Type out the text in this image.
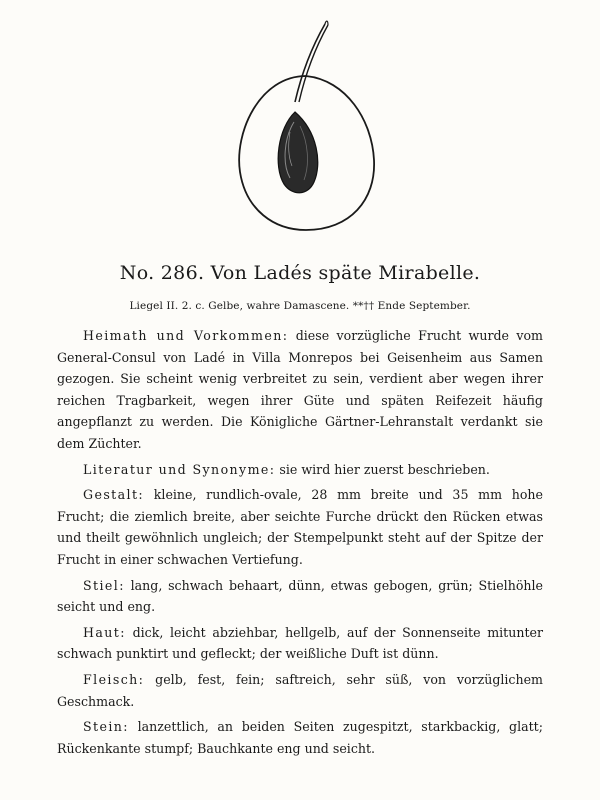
No. 286. Von Ladés späte Mirabelle.
Liegel II. 2. c. Gelbe, wahre Damascene. **†† Ende September.

Heimath und Vorkommen: diese vorzügliche Frucht wurde vom General-Consul von Ladé in Villa Monrepos bei Geisenheim aus Samen gezogen. Sie scheint wenig verbreitet zu sein, verdient aber wegen ihrer reichen Tragbarkeit, wegen ihrer Güte und späten Reifezeit häufig angepflanzt zu werden. Die Königliche Gärtner-Lehranstalt verdankt sie dem Züchter.

Literatur und Synonyme: sie wird hier zuerst beschrieben.

Gestalt: kleine, rundlich-ovale, 28 mm breite und 35 mm hohe Frucht; die ziemlich breite, aber seichte Furche drückt den Rücken etwas und theilt gewöhnlich ungleich; der Stempelpunkt steht auf der Spitze der Frucht in einer schwachen Vertiefung.

Stiel: lang, schwach behaart, dünn, etwas gebogen, grün; Stielhöhle seicht und eng.

Haut: dick, leicht abziehbar, hellgelb, auf der Sonnenseite mitunter schwach punktirt und gefleckt; der weißliche Duft ist dünn.

Fleisch: gelb, fest, fein; saftreich, sehr süß, von vorzüglichem Geschmack.

Stein: lanzettlich, an beiden Seiten zugespitzt, starkbackig, glatt; Rückenkante stumpf; Bauchkante eng und seicht.
